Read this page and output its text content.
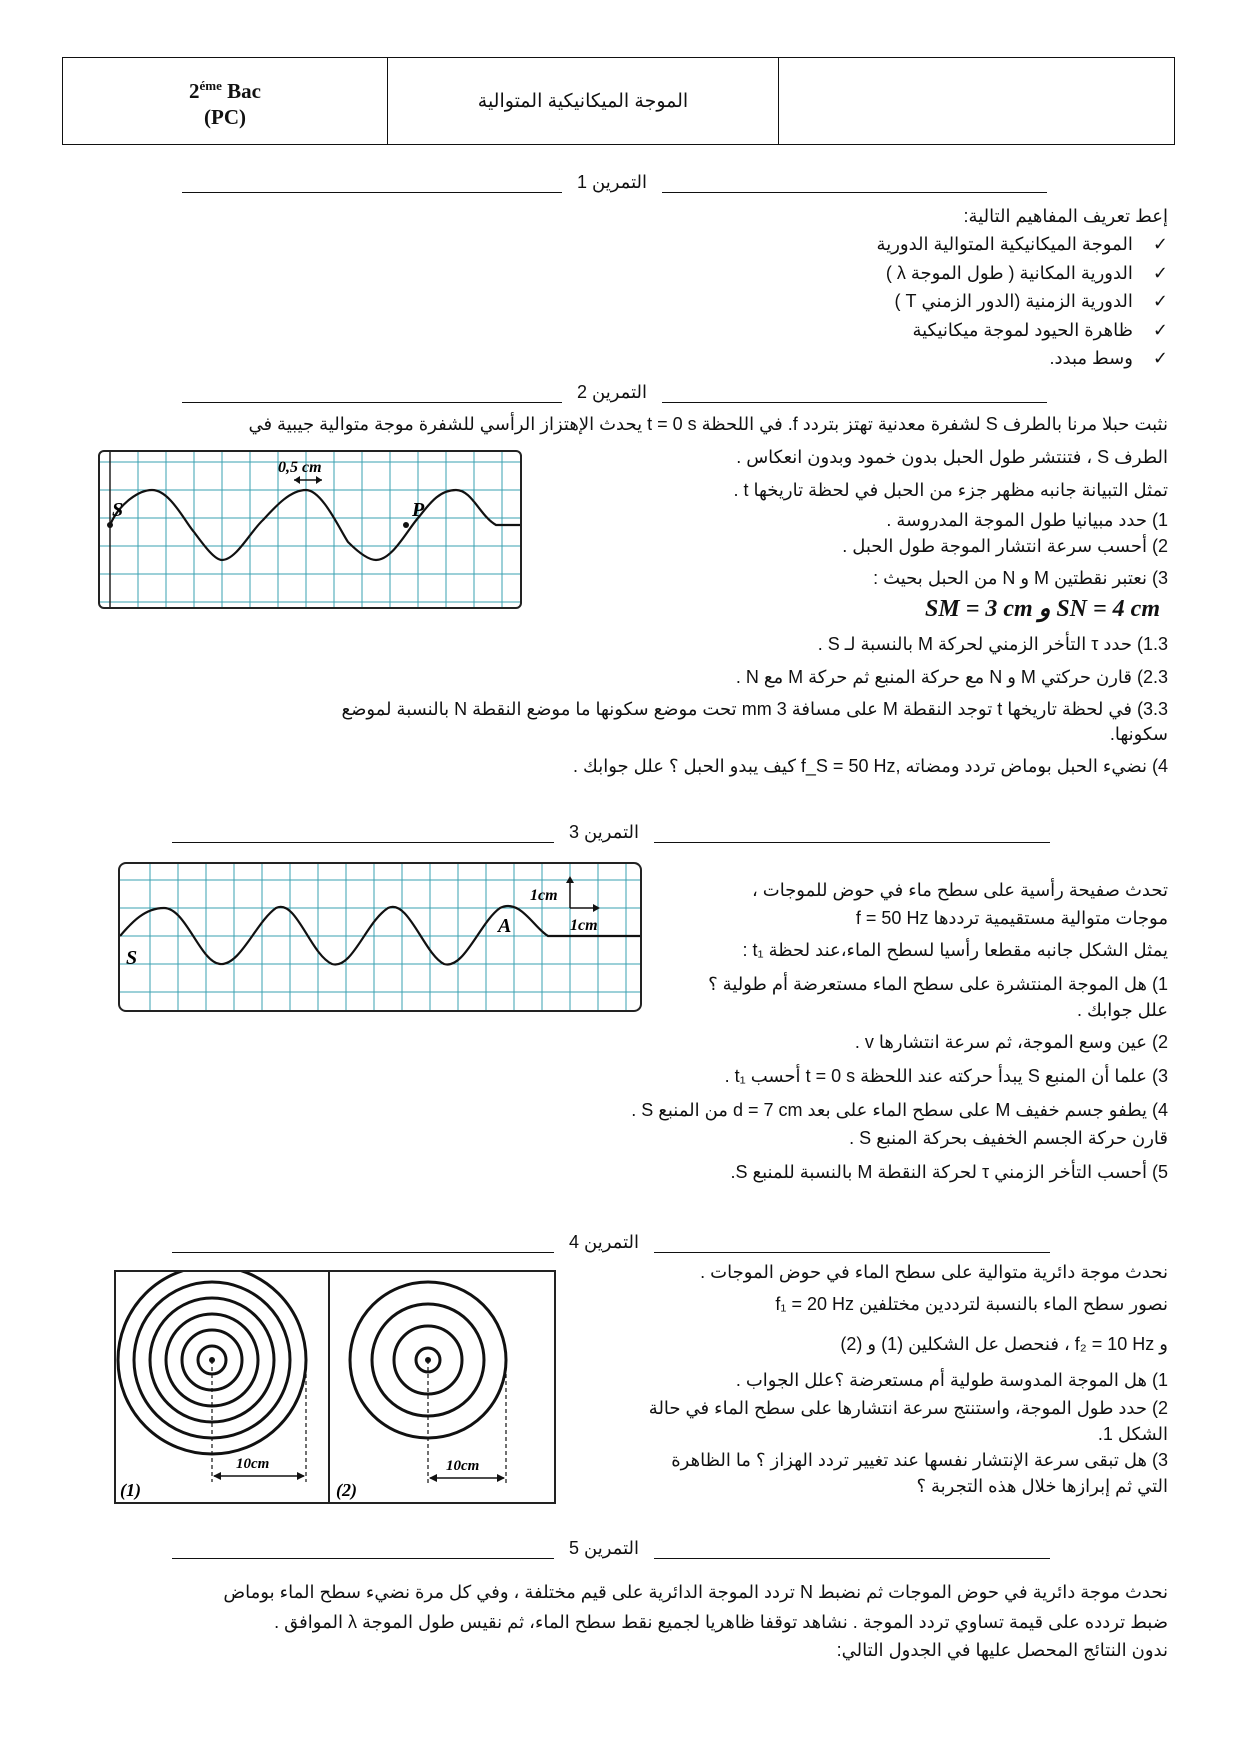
$2^{éme}$ Bac
(PC)
	الموجة الميكانيكية المتوالية	
التمرين 1
إعط تعريف المفاهيم التالية:
✓الموجة الميكانيكية المتوالية الدورية
✓الدورية المكانية ( طول الموجة λ )
✓الدورية الزمنية (الدور الزمني T )
✓ظاهرة الحيود لموجة ميكانيكية
✓وسط مبدد.
التمرين 2
نثبت حبلا مرنا بالطرف S لشفرة معدنية تهتز بتردد f. في اللحظة t = 0 s يحدث الإهتزاز الرأسي للشفرة موجة متوالية جيبية في
الطرف S ، فتنتشر طول الحبل بدون خمود وبدون انعكاس .
تمثل التبيانة جانبه مظهر جزء من الحبل في لحظة تاريخها t .
1) حدد مبيانيا طول الموجة المدروسة .
2) أحسب سرعة انتشار الموجة طول الحبل .
3) نعتبر نقطتين M و N من الحبل بحيث :
SN = 4 cm و SM = 3 cm
1.3) حدد τ التأخر الزمني لحركة M بالنسبة لـ S .
2.3) قارن حركتي M و N مع حركة المنبع ثم حركة M مع N .
3.3) في لحظة تاريخها t توجد النقطة M على مسافة 3 mm تحت موضع سكونها ما موضع النقطة N بالنسبة لموضع
سكونها.
4) نضيء الحبل بوماض تردد ومضاته ,f_S = 50 Hz كيف يبدو الحبل ؟ علل جوابك .
0,5 cm
S	P
التمرين 3
تحدث صفيحة رأسية على سطح ماء في حوض للموجات ،
موجات متوالية مستقيمية ترددها f = 50 Hz
يمثل الشكل جانبه مقطعا رأسيا لسطح الماء،عند لحظة t₁ :
1) هل الموجة المنتشرة على سطح الماء مستعرضة أم طولية ؟
علل جوابك .
2) عين وسع الموجة، ثم سرعة انتشارها v .
3) علما أن المنبع S يبدأ حركته عند اللحظة t = 0 s أحسب t₁ .
4) يطفو جسم خفيف M على سطح الماء على بعد d = 7 cm من المنبع S .
قارن حركة الجسم الخفيف بحركة المنبع S .
5) أحسب التأخر الزمني τ لحركة النقطة M بالنسبة للمنبع S.
1cm
1cm
S
A
التمرين 4
نحدث موجة دائرية متوالية على سطح الماء في حوض الموجات .
نصور سطح الماء بالنسبة لترددين مختلفين f₁ = 20 Hz
و f₂ = 10 Hz ، فنحصل عل الشكلين (1) و (2)
1) هل الموجة المدوسة طولية أم مستعرضة ؟علل الجواب .
2) حدد طول الموجة، واستنتج سرعة انتشارها على سطح الماء في حالة
الشكل 1.
3) هل تبقى سرعة الإنتشار نفسها عند تغيير تردد الهزاز ؟ ما الظاهرة
التي ثم إبرازها خلال هذه التجربة ؟
10cm
(1)
10cm
(2)
التمرين 5
نحدث موجة دائرية في حوض الموجات ثم نضبط N تردد الموجة الدائرية على قيم مختلفة ، وفي كل مرة نضيء سطح الماء بوماض
ضبط تردده على قيمة تساوي تردد الموجة . نشاهد توقفا ظاهريا لجميع نقط سطح الماء، ثم نقيس طول الموجة λ الموافق .
ندون النتائج المحصل عليها في الجدول التالي:
